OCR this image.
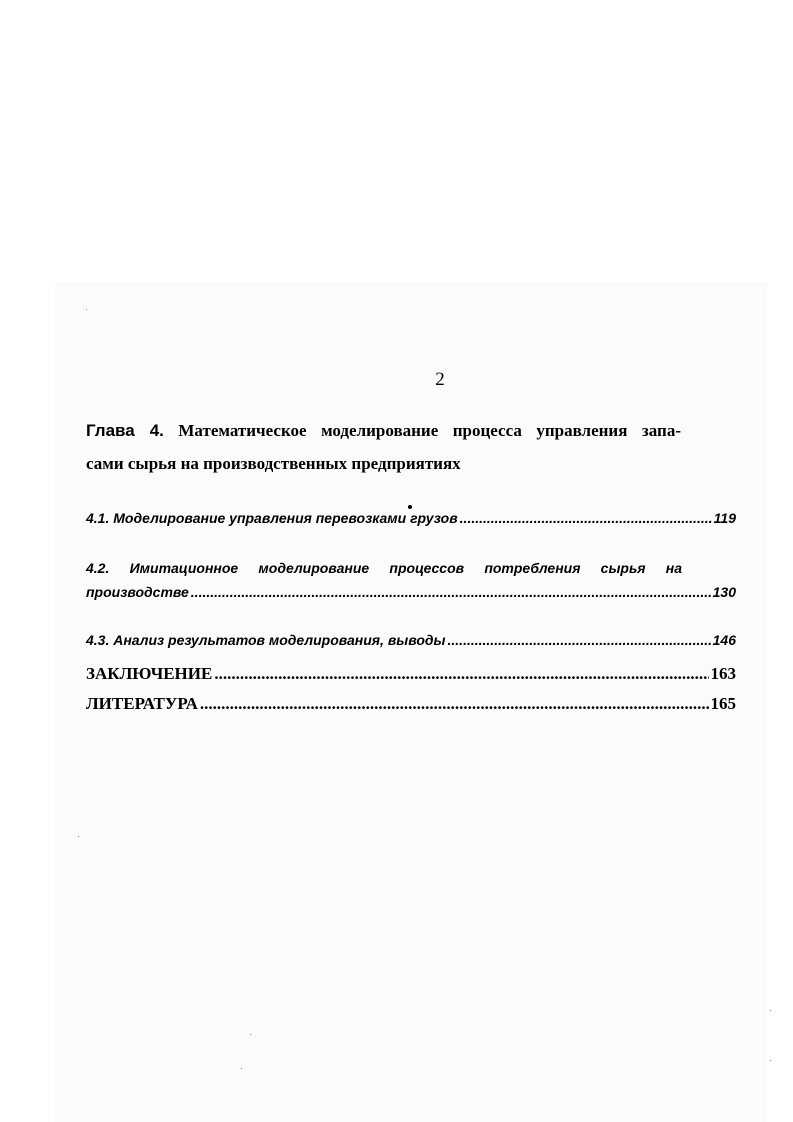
2
Глава 4. Математическое моделирование процесса управления запа-
сами сырья на производственных предприятиях
4.1. Моделирование управления перевозками грузов .....	119
4.2. Имитационное моделирование процессов потребления сырья на
производстве .....	130
4.3. Анализ результатов моделирования, выводы .....	146
ЗАКЛЮЧЕНИЕ .....	163
ЛИТЕРАТУРА .....	165
